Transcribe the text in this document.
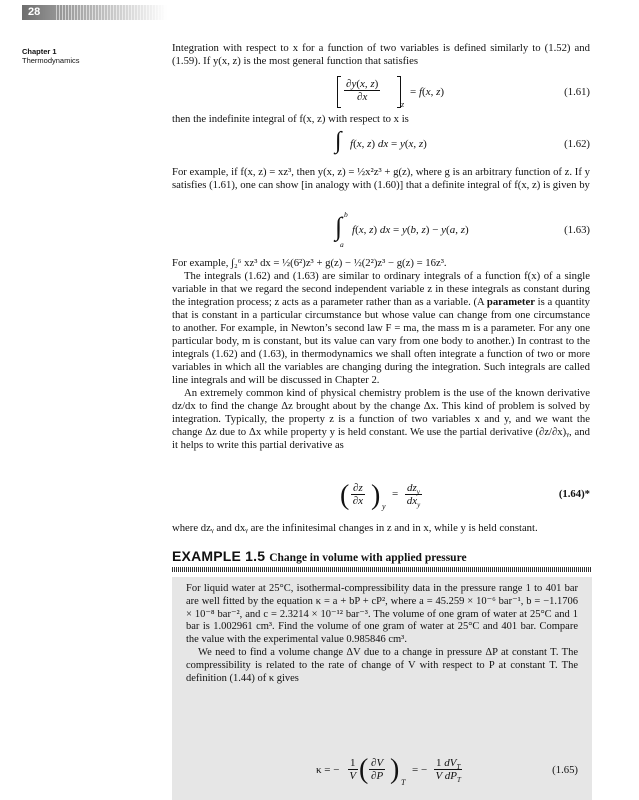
28
Chapter 1
Thermodynamics

Integration with respect to x for a function of two variables is defined similarly to (1.52) and (1.59). If y(x, z) is the most general function that satisfies

$\frac{\partial y(x, z)}{\partial x}$
z
= f(x, z)	(1.61)

then the indefinite integral of f(x, z) with respect to x is

∫ f(x, z) dx = y(x, z)	(1.62)

For example, if f(x, z) = xz³, then y(x, z) = ½x²z³ + g(z), where g is an arbitrary function of z. If y satisfies (1.61), one can show [in analogy with (1.60)] that a definite integral of f(x, z) is given by

b
∫
a
f(x, z) dx = y(b, z) − y(a, z)	(1.63)

For example, ∫₂⁶ xz³ dx = ½(6²)z³ + g(z) − ½(2²)z³ − g(z) = 16z³.

The integrals (1.62) and (1.63) are similar to ordinary integrals of a function f(x) of a single variable in that we regard the second independent variable z in these integrals as constant during the integration process; z acts as a parameter rather than as a variable. (A parameter is a quantity that is constant in a particular circumstance but whose value can change from one circumstance to another. For example, in Newton’s second law F = ma, the mass m is a parameter. For any one particular body, m is constant, but its value can vary from one body to another.) In contrast to the integrals (1.62) and (1.63), in thermodynamics we shall often integrate a function of two or more variables in which all the variables are changing during the integration. Such integrals are called line integrals and will be discussed in Chapter 2.

An extremely common kind of physical chemistry problem is the use of the known derivative dz/dx to find the change Δz brought about by the change Δx. This kind of problem is solved by integration. Typically, the property z is a function of two variables x and y, and we want the change Δz due to Δx while property y is held constant. We use the partial derivative (∂z/∂x)ᵧ, and it helps to write this partial derivative as

( $\frac{\partial z}{\partial x}$ ) y
= $dz_y$
$dx_y$
(1.64)*

where dzᵧ and dxᵧ are the infinitesimal changes in z and in x, while y is held constant.

EXAMPLE 1.5 Change in volume with applied pressure

For liquid water at 25°C, isothermal-compressibility data in the pressure range 1 to 401 bar are well fitted by the equation κ = a + bP + cP², where a = 45.259 × 10⁻⁶ bar⁻¹, b = −1.1706 × 10⁻⁸ bar⁻², and c = 2.3214 × 10⁻¹² bar⁻³. The volume of one gram of water at 25°C and 1 bar is 1.002961 cm³. Find the volume of one gram of water at 25°C and 401 bar. Compare the value with the experimental value 0.985846 cm³.

We need to find a volume change ΔV due to a change in pressure ΔP at constant T. The compressibility is related to the rate of change of V with respect to P at constant T. The definition (1.44) of κ gives

κ = − $\frac{1}{V}$ ( $\frac{\partial V}{\partial P}$ ) T
= −
1 $dV_T$
V $dP_T$
(1.65)
